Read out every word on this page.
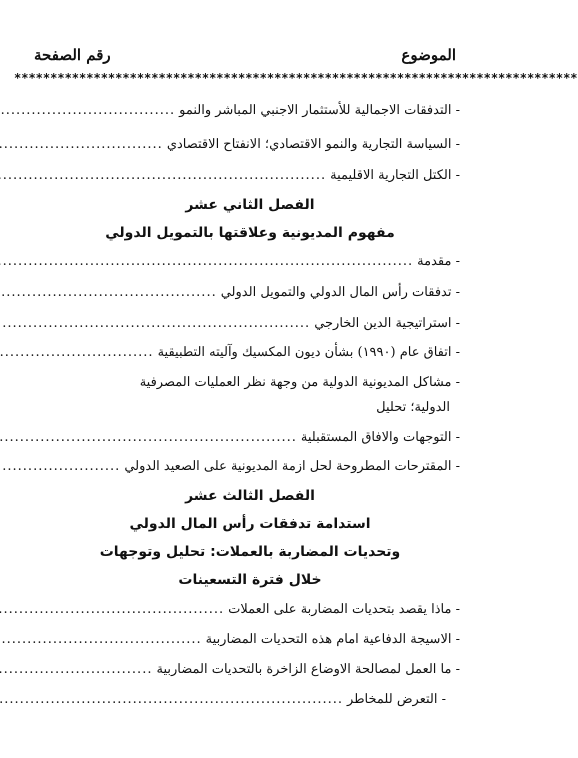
الموضوع
رقم الصفحة
******************************************************************************
- التدفقات الاجمالية للأستثمار الاجنبي المباشر والنمو
.....
- السياسة التجارية والنمو الاقتصادي؛ الانفتاح الاقتصادي
.....
- الكتل التجارية الاقليمية
.....
الفصل الثاني عشر
مفهوم المديونية وعلاقتها بالتمويل الدولي
- مقدمة
.....
- تدفقات رأس المال الدولي والتمويل الدولي
.....
- استراتيجية الدين الخارجي
.....
- اتفاق عام (١٩٩٠) بشأن ديون المكسيك وآليته التطبيقية
.....
- مشاكل المديونية الدولية من وجهة نظر العمليات المصرفية
الدولية؛ تحليل
- التوجهات والافاق المستقبلية
.....
- المقترحات المطروحة لحل ازمة المديونية على الصعيد الدولي
.....
الفصل الثالث عشر
استدامة تدفقات رأس المال الدولي
وتحديات المضاربة بالعملات: تحليل وتوجهات
خلال فترة التسعينات
- ماذا يقصد بتحديات المضاربة على العملات
.....
- الاسيجة الدفاعية امام هذه التحديات المضاربية
.....
- ما العمل لمصالحة الاوضاع الزاخرة بالتحديات المضاربية
.....
- التعرض للمخاطر
.....
